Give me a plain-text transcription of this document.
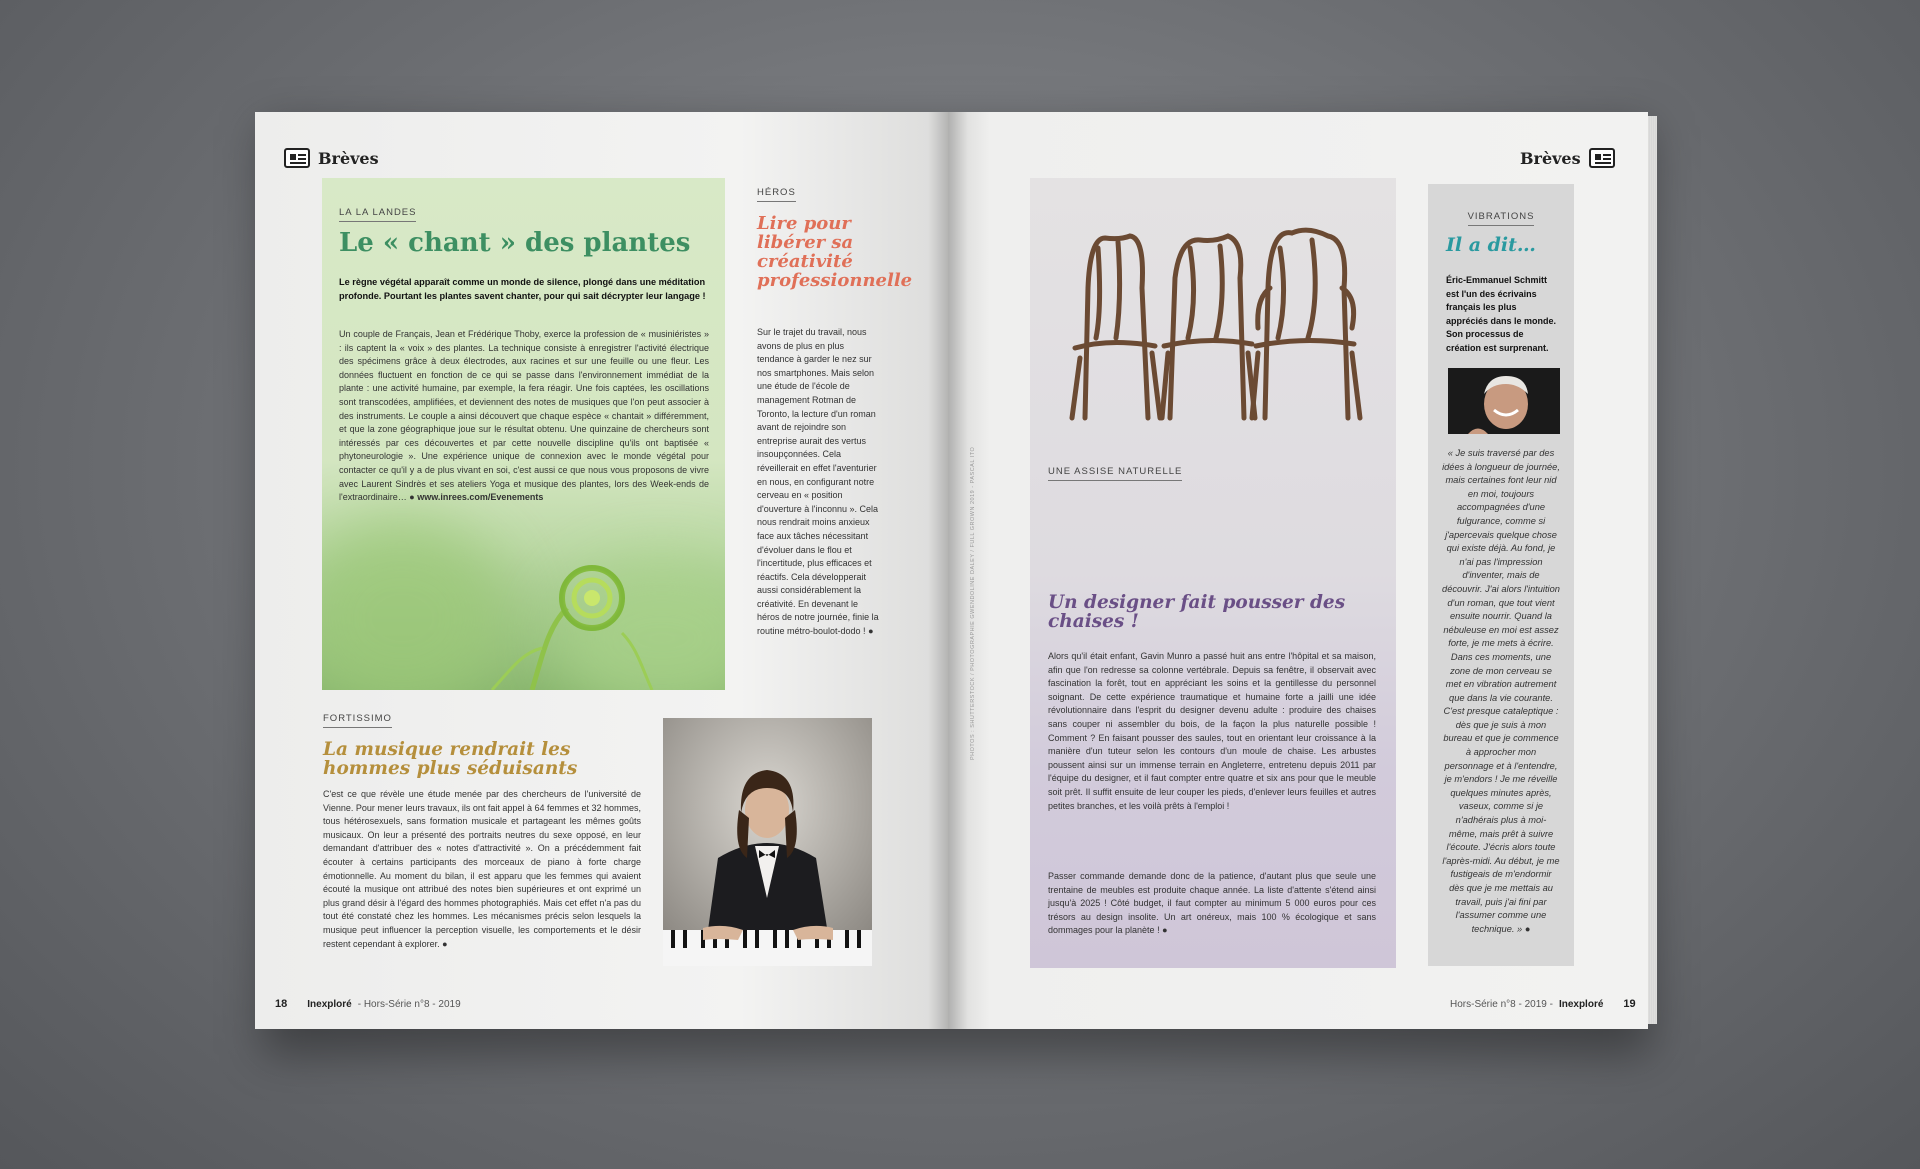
Brèves
LA LA LANDES
Le « chant » des plantes

Le règne végétal apparaît comme un monde de silence, plongé dans une méditation profonde. Pourtant les plantes savent chanter, pour qui sait décrypter leur langage !

Un couple de Français, Jean et Frédérique Thoby, exerce la profession de « musiniéristes » : ils captent la « voix » des plantes. La technique consiste à enregistrer l'activité électrique des spécimens grâce à deux électrodes, aux racines et sur une feuille ou une fleur. Les données fluctuent en fonction de ce qui se passe dans l'environnement immédiat de la plante : une activité humaine, par exemple, la fera réagir. Une fois captées, les oscillations sont transcodées, amplifiées, et deviennent des notes de musiques que l'on peut associer à des instruments. Le couple a ainsi découvert que chaque espèce « chantait » différemment, et que la zone géographique joue sur le résultat obtenu. Une quinzaine de chercheurs sont intéressés par ces découvertes et par cette nouvelle discipline qu'ils ont baptisée « phytoneurologie ». Une expérience unique de connexion avec le monde végétal pour contacter ce qu'il y a de plus vivant en soi, c'est aussi ce que nous vous proposons de vivre avec Laurent Sindrès et ses ateliers Yoga et musique des plantes, lors des Week-ends de l'extraordinaire… ● www.inrees.com/Evenements

HÉROS
Lire pour libérer sa créativité professionnelle

Sur le trajet du travail, nous avons de plus en plus tendance à garder le nez sur nos smartphones. Mais selon une étude de l'école de management Rotman de Toronto, la lecture d'un roman avant de rejoindre son entreprise aurait des vertus insoupçonnées. Cela réveillerait en effet l'aventurier en nous, en configurant notre cerveau en « position d'ouverture à l'inconnu ». Cela nous rendrait moins anxieux face aux tâches nécessitant d'évoluer dans le flou et l'incertitude, plus efficaces et réactifs. Cela développerait aussi considérablement la créativité. En devenant le héros de notre journée, finie la routine métro-boulot-dodo ! ●

FORTISSIMO
La musique rendrait les hommes plus séduisants

C'est ce que révèle une étude menée par des chercheurs de l'université de Vienne. Pour mener leurs travaux, ils ont fait appel à 64 femmes et 32 hommes, tous hétérosexuels, sans formation musicale et partageant les mêmes goûts musicaux. On leur a présenté des portraits neutres du sexe opposé, en leur demandant d'attribuer des « notes d'attractivité ». On a précédemment fait écouter à certains participants des morceaux de piano à forte charge émotionnelle. Au moment du bilan, il est apparu que les femmes qui avaient écouté la musique ont attribué des notes bien supérieures et ont exprimé un plus grand désir à l'égard des hommes photographiés. Mais cet effet n'a pas du tout été constaté chez les hommes. Les mécanismes précis selon lesquels la musique peut influencer la perception visuelle, les comportements et le désir restent cependant à explorer. ●

18 Inexploré - Hors-Série n°8 - 2019
Brèves
PHOTOS : SHUTTERSTOCK / PHOTOGRAPHIE GWENDOLINE DALEY / FULL GROWN 2019 - PASCAL ITO	UNE ASSISE NATURELLE
Un designer fait pousser des chaises !

Alors qu'il était enfant, Gavin Munro a passé huit ans entre l'hôpital et sa maison, afin que l'on redresse sa colonne vertébrale. Depuis sa fenêtre, il observait avec fascination la forêt, tout en appréciant les soins et la gentillesse du personnel soignant. De cette expérience traumatique et humaine forte a jailli une idée révolutionnaire dans l'esprit du designer devenu adulte : produire des chaises sans couper ni assembler du bois, de la façon la plus naturelle possible ! Comment ? En faisant pousser des saules, tout en orientant leur croissance à la manière d'un tuteur selon les contours d'un moule de chaise. Les arbustes poussent ainsi sur un immense terrain en Angleterre, entretenu depuis 2011 par l'équipe du designer, et il faut compter entre quatre et six ans pour que le meuble soit prêt. Il suffit ensuite de leur couper les pieds, d'enlever leurs feuilles et autres petites branches, et les voilà prêts à l'emploi !

Passer commande demande donc de la patience, d'autant plus que seule une trentaine de meubles est produite chaque année. La liste d'attente s'étend ainsi jusqu'à 2025 ! Côté budget, il faut compter au minimum 5 000 euros pour ces trésors au design insolite. Un art onéreux, mais 100 % écologique et sans dommages pour la planète ! ●

VIBRATIONS
Il a dit…

Éric-Emmanuel Schmitt est l'un des écrivains français les plus appréciés dans le monde. Son processus de création est surprenant.

« Je suis traversé par des idées à longueur de journée, mais certaines font leur nid en moi, toujours accompagnées d'une fulgurance, comme si j'apercevais quelque chose qui existe déjà. Au fond, je n'ai pas l'impression d'inventer, mais de découvrir. J'ai alors l'intuition d'un roman, que tout vient ensuite nourrir. Quand la nébuleuse en moi est assez forte, je me mets à écrire. Dans ces moments, une zone de mon cerveau se met en vibration autrement que dans la vie courante. C'est presque cataleptique : dès que je suis à mon bureau et que je commence à approcher mon personnage et à l'entendre, je m'endors ! Je me réveille quelques minutes après, vaseux, comme si je n'adhérais plus à moi-même, mais prêt à suivre l'écoute. J'écris alors toute l'après-midi. Au début, je me fustigeais de m'endormir dès que je me mettais au travail, puis j'ai fini par l'assumer comme une technique. » ●

Hors-Série n°8 - 2019 - Inexploré 19
